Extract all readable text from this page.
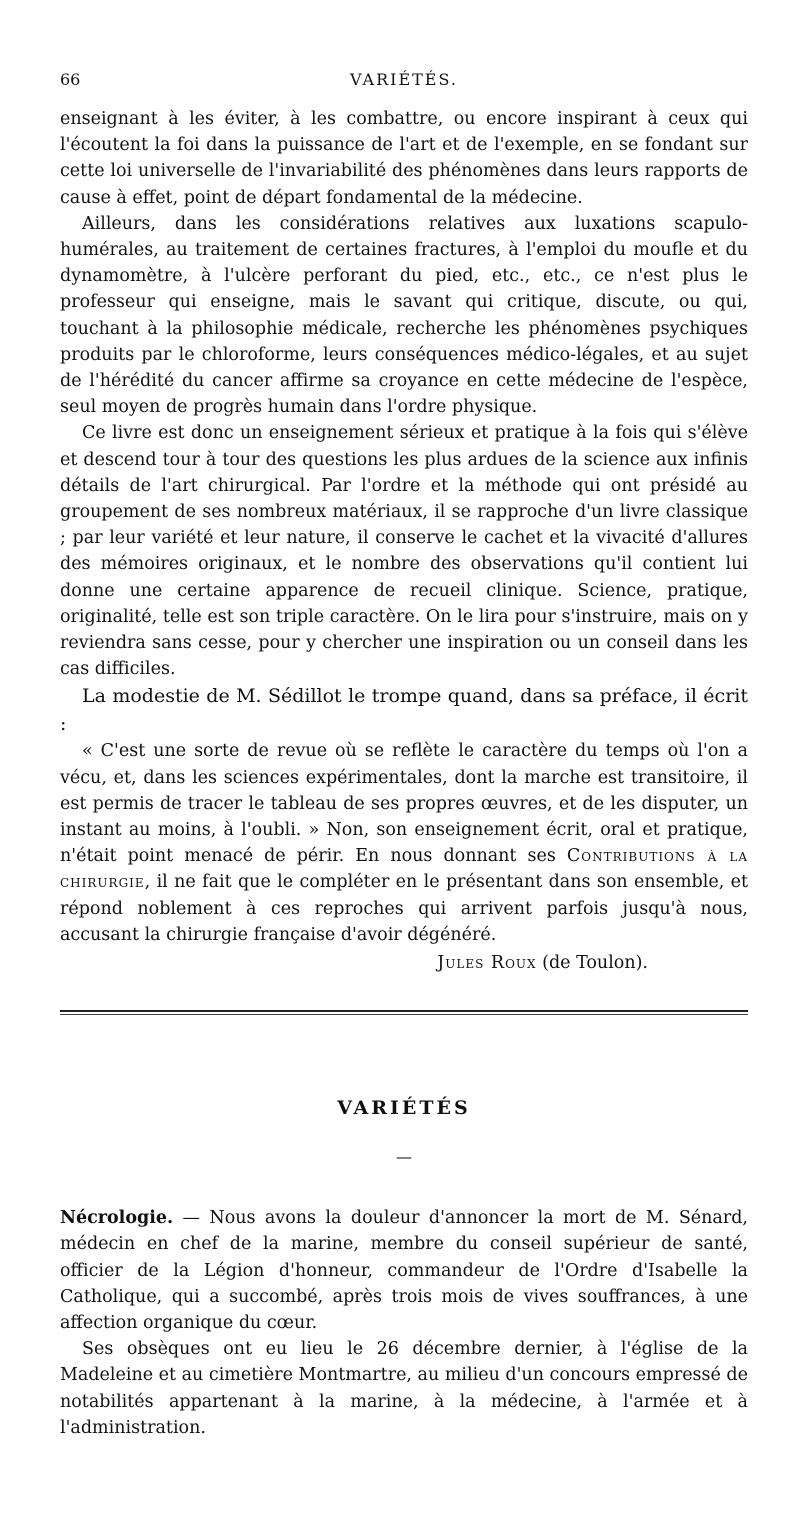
66	VARIÉTÉS.

enseignant à les éviter, à les combattre, ou encore inspirant à ceux qui l'écoutent la foi dans la puissance de l'art et de l'exemple, en se fondant sur cette loi universelle de l'invariabilité des phénomènes dans leurs rapports de cause à effet, point de départ fondamental de la médecine.

Ailleurs, dans les considérations relatives aux luxations scapulo-humérales, au traitement de certaines fractures, à l'emploi du moufle et du dynamomètre, à l'ulcère perforant du pied, etc., etc., ce n'est plus le professeur qui enseigne, mais le savant qui critique, discute, ou qui, touchant à la philosophie médicale, recherche les phénomènes psychiques produits par le chloroforme, leurs conséquences médico-légales, et au sujet de l'hérédité du cancer affirme sa croyance en cette médecine de l'espèce, seul moyen de progrès humain dans l'ordre physique.

Ce livre est donc un enseignement sérieux et pratique à la fois qui s'élève et descend tour à tour des questions les plus ardues de la science aux infinis détails de l'art chirurgical. Par l'ordre et la méthode qui ont présidé au groupement de ses nombreux matériaux, il se rapproche d'un livre classique ; par leur variété et leur nature, il conserve le cachet et la vivacité d'allures des mémoires originaux, et le nombre des observations qu'il contient lui donne une certaine apparence de recueil clinique. Science, pratique, originalité, telle est son triple caractère. On le lira pour s'instruire, mais on y reviendra sans cesse, pour y chercher une inspiration ou un conseil dans les cas difficiles.

La modestie de M. Sédillot le trompe quand, dans sa préface, il écrit :

« C'est une sorte de revue où se reflète le caractère du temps où l'on a vécu, et, dans les sciences expérimentales, dont la marche est transitoire, il est permis de tracer le tableau de ses propres œuvres, et de les disputer, un instant au moins, à l'oubli. » Non, son enseignement écrit, oral et pratique, n'était point menacé de périr. En nous donnant ses Contributions à la chirurgie, il ne fait que le compléter en le présentant dans son ensemble, et répond noblement à ces reproches qui arrivent parfois jusqu'à nous, accusant la chirurgie française d'avoir dégénéré.

Jules Roux (de Toulon).
VARIÉTÉS
—

Nécrologie. — Nous avons la douleur d'annoncer la mort de M. Sénard, médecin en chef de la marine, membre du conseil supérieur de santé, officier de la Légion d'honneur, commandeur de l'Ordre d'Isabelle la Catholique, qui a succombé, après trois mois de vives souffrances, à une affection organique du cœur.

Ses obsèques ont eu lieu le 26 décembre dernier, à l'église de la Madeleine et au cimetière Montmartre, au milieu d'un concours empressé de notabilités appartenant à la marine, à la médecine, à l'armée et à l'administration.
